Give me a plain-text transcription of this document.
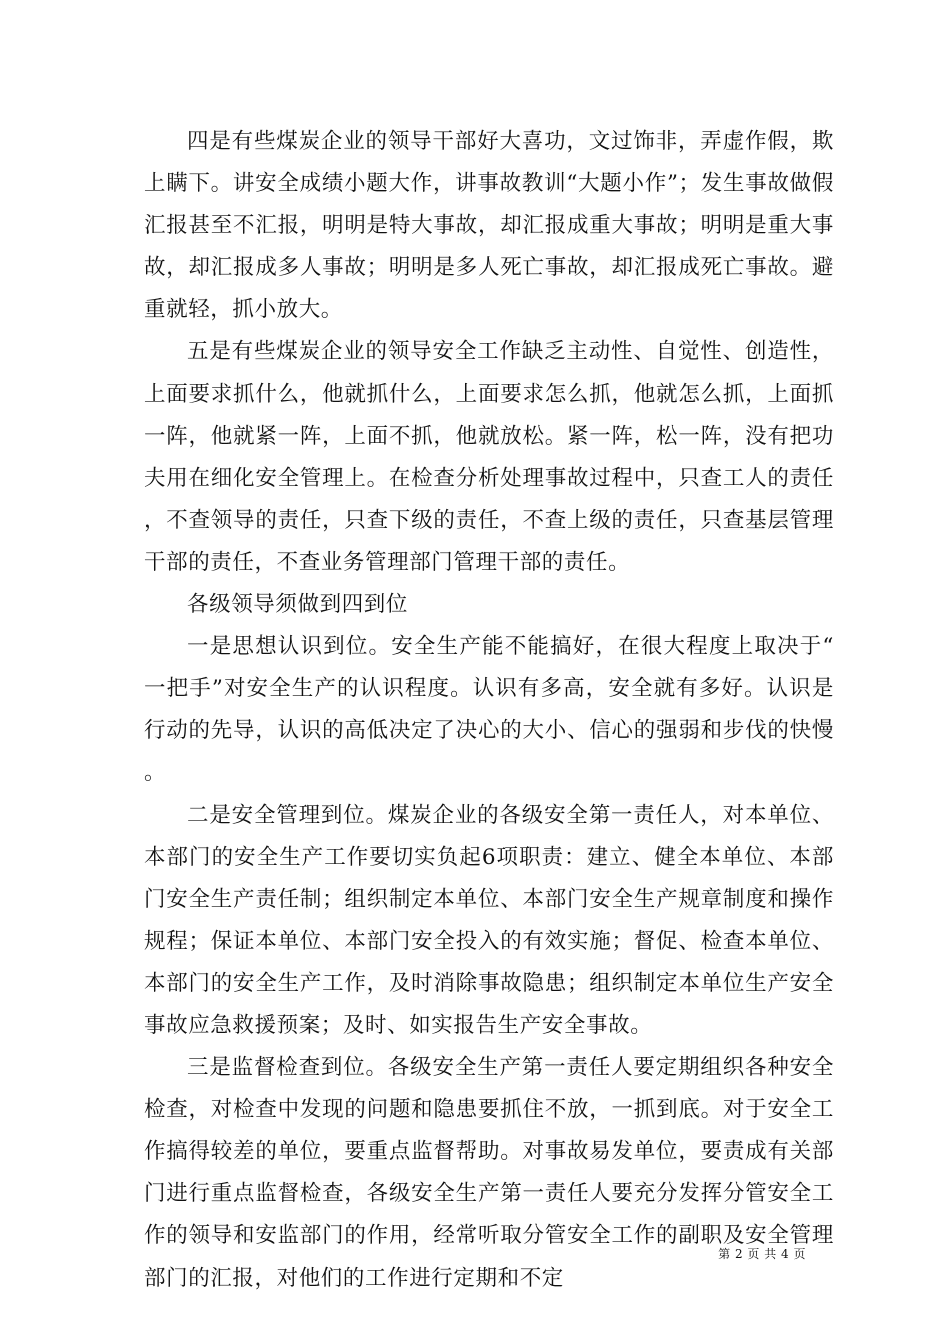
四是有些煤炭企业的领导干部好大喜功，文过饰非，弄虚作假，欺上瞒下。讲安全成绩小题大作，讲事故教训“大题小作”；发生事故做假汇报甚至不汇报，明明是特大事故，却汇报成重大事故；明明是重大事故，却汇报成多人事故；明明是多人死亡事故，却汇报成死亡事故。避重就轻，抓小放大。

五是有些煤炭企业的领导安全工作缺乏主动性、自觉性、创造性，上面要求抓什么，他就抓什么，上面要求怎么抓，他就怎么抓，上面抓一阵，他就紧一阵，上面不抓，他就放松。紧一阵，松一阵，没有把功夫用在细化安全管理上。在检查分析处理事故过程中，只查工人的责任，不查领导的责任，只查下级的责任，不查上级的责任，只查基层管理干部的责任，不查业务管理部门管理干部的责任。

各级领导须做到四到位

一是思想认识到位。安全生产能不能搞好，在很大程度上取决于“一把手”对安全生产的认识程度。认识有多高，安全就有多好。认识是行动的先导，认识的高低决定了决心的大小、信心的强弱和步伐的快慢。

二是安全管理到位。煤炭企业的各级安全第一责任人，对本单位、本部门的安全生产工作要切实负起6项职责：建立、健全本单位、本部门安全生产责任制；组织制定本单位、本部门安全生产规章制度和操作规程；保证本单位、本部门安全投入的有效实施；督促、检查本单位、本部门的安全生产工作，及时消除事故隐患；组织制定本单位生产安全事故应急救援预案；及时、如实报告生产安全事故。

三是监督检查到位。各级安全生产第一责任人要定期组织各种安全检查，对检查中发现的问题和隐患要抓住不放，一抓到底。对于安全工作搞得较差的单位，要重点监督帮助。对事故易发单位，要责成有关部门进行重点监督检查，各级安全生产第一责任人要充分发挥分管安全工作的领导和安监部门的作用，经常听取分管安全工作的副职及安全管理部门的汇报，对他们的工作进行定期和不定

第 2 页 共 4 页
